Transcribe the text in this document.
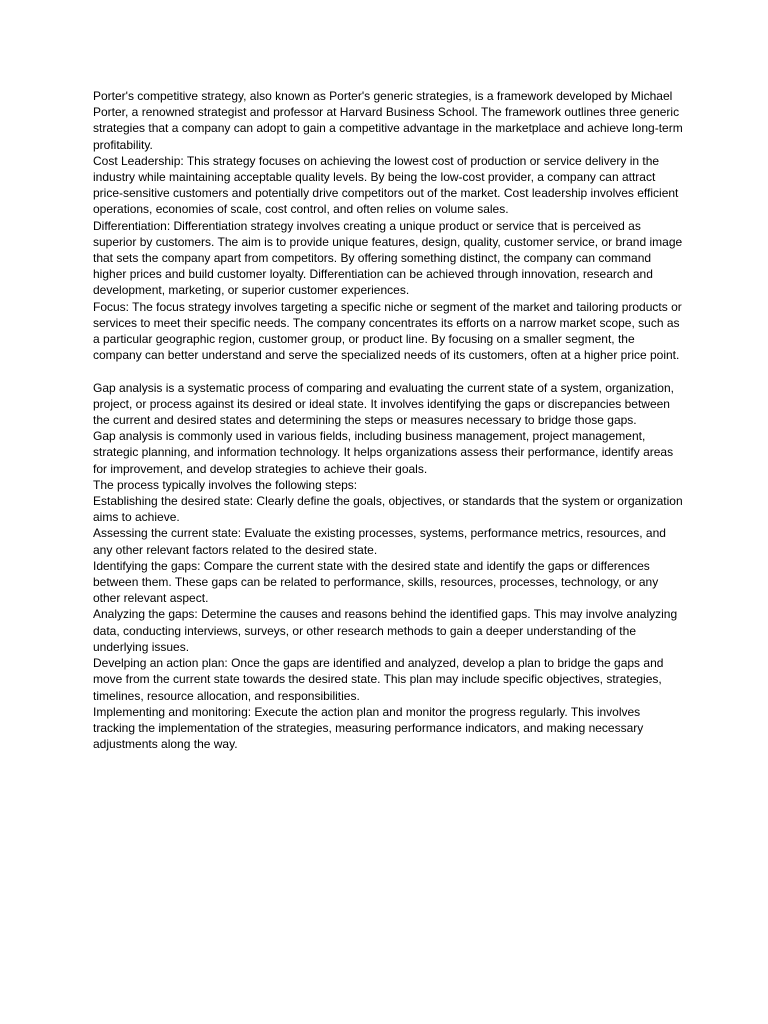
Porter's competitive strategy, also known as Porter's generic strategies, is a framework developed by Michael Porter, a renowned strategist and professor at Harvard Business School. The framework outlines three generic strategies that a company can adopt to gain a competitive advantage in the marketplace and achieve long-term profitability.

Cost Leadership: This strategy focuses on achieving the lowest cost of production or service delivery in the industry while maintaining acceptable quality levels. By being the low-cost provider, a company can attract price-sensitive customers and potentially drive competitors out of the market. Cost leadership involves efficient operations, economies of scale, cost control, and often relies on volume sales.

Differentiation: Differentiation strategy involves creating a unique product or service that is perceived as superior by customers. The aim is to provide unique features, design, quality, customer service, or brand image that sets the company apart from competitors. By offering something distinct, the company can command higher prices and build customer loyalty. Differentiation can be achieved through innovation, research and development, marketing, or superior customer experiences.

Focus: The focus strategy involves targeting a specific niche or segment of the market and tailoring products or services to meet their specific needs. The company concentrates its efforts on a narrow market scope, such as a particular geographic region, customer group, or product line. By focusing on a smaller segment, the company can better understand and serve the specialized needs of its customers, often at a higher price point.

Gap analysis is a systematic process of comparing and evaluating the current state of a system, organization, project, or process against its desired or ideal state. It involves identifying the gaps or discrepancies between the current and desired states and determining the steps or measures necessary to bridge those gaps.

Gap analysis is commonly used in various fields, including business management, project management, strategic planning, and information technology. It helps organizations assess their performance, identify areas for improvement, and develop strategies to achieve their goals.

The process typically involves the following steps:

Establishing the desired state: Clearly define the goals, objectives, or standards that the system or organization aims to achieve.

Assessing the current state: Evaluate the existing processes, systems, performance metrics, resources, and any other relevant factors related to the desired state.

Identifying the gaps: Compare the current state with the desired state and identify the gaps or differences between them. These gaps can be related to performance, skills, resources, processes, technology, or any other relevant aspect.

Analyzing the gaps: Determine the causes and reasons behind the identified gaps. This may involve analyzing data, conducting interviews, surveys, or other research methods to gain a deeper understanding of the underlying issues.

Develping an action plan: Once the gaps are identified and analyzed, develop a plan to bridge the gaps and move from the current state towards the desired state. This plan may include specific objectives, strategies, timelines, resource allocation, and responsibilities.

Implementing and monitoring: Execute the action plan and monitor the progress regularly. This involves tracking the implementation of the strategies, measuring performance indicators, and making necessary adjustments along the way.
